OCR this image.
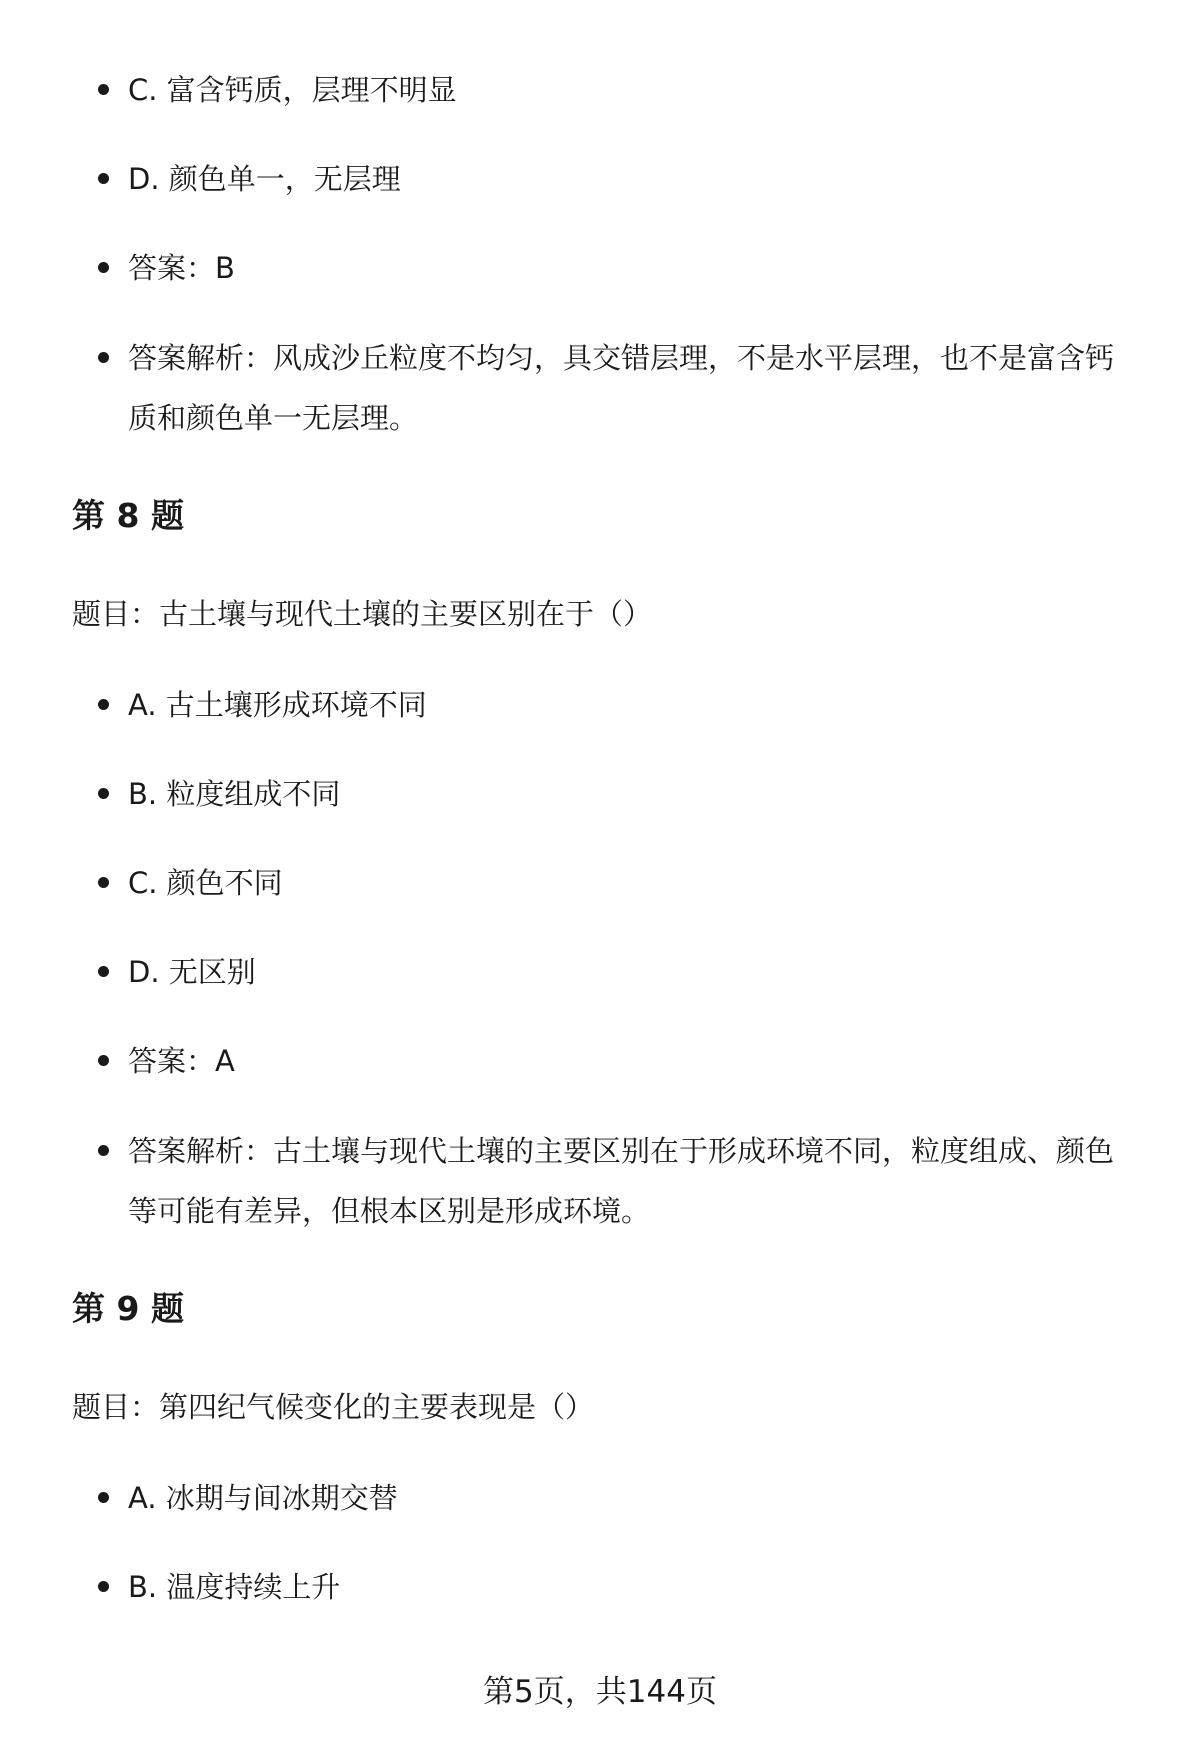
C. 富含钙质，层理不明显
D. 颜色单一，无层理
答案：B
答案解析：风成沙丘粒度不均匀，具交错层理，不是水平层理，也不是富含钙质和颜色单一无层理。
第 8 题
题目：古土壤与现代土壤的主要区别在于（）
A. 古土壤形成环境不同
B. 粒度组成不同
C. 颜色不同
D. 无区别
答案：A
答案解析：古土壤与现代土壤的主要区别在于形成环境不同，粒度组成、颜色等可能有差异，但根本区别是形成环境。
第 9 题
题目：第四纪气候变化的主要表现是（）
A. 冰期与间冰期交替
B. 温度持续上升
第5页，共144页
